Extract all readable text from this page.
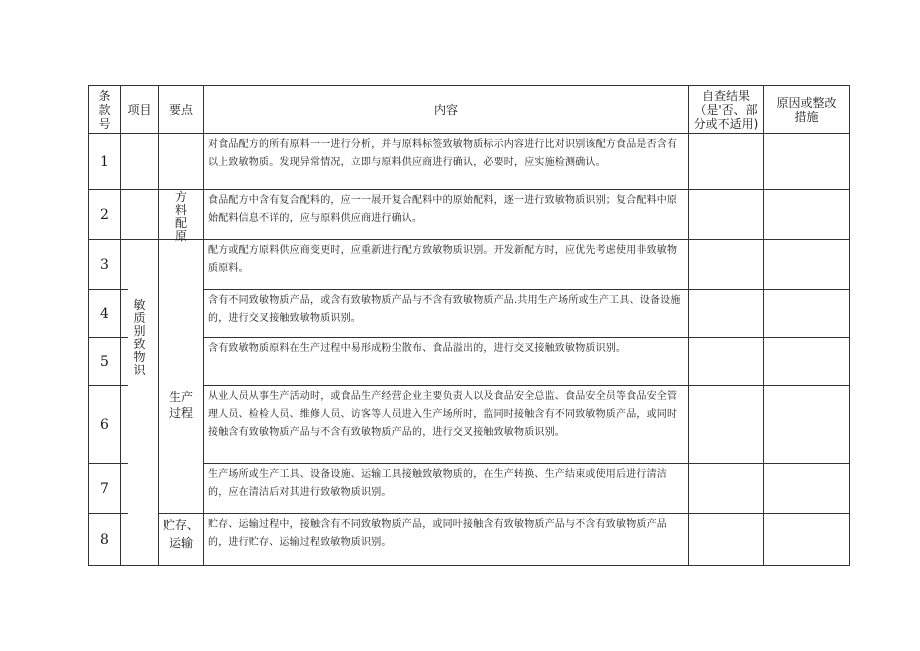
条款号
项目 要点	内容
自查结果（是'否、部分或不适用)
原因或整改措施
1
2
3
4
5
6
7
8
敏质别致物识
方料配原
生产过程
贮存、运输
对食品配方的所有原料一一进行分析，并与原料标签致敏物质标示内容进行比对识别该配方食品是否含有以上致敏物质。发现异常情况，立即与原料供应商进行确认，必要时，应实施检测确认。
食品配方中含有复合配料的，应一一展开复合配料中的原始配料，逐一进行致敏物质识别；复合配料中原始配料信息不详的，应与原料供应商进行确认。
配方或配方原料供应商变更时，应重新进行配方致敏物质识别。开发新配方时，应优先考虑使用非致敏物质原料。
含有不同致敏物质产品，或含有致敏物质产品与不含有致敏物质产品.共用生产场所或生产工具、设备设施的，进行交叉接触致敏物质识别。
含有致敏物质原料在生产过程中易形成粉尘散布、食品溢出的，进行交叉接触致敏物质识别。
从业人员从事生产活动时，或食品生产经营企业主要负责人以及食品安全总监、食品安全员等食品安全管理人员、检检人员、维修人员、访客等人员进入生产场所时，监同时接触含有不同致敏物质产品，或同时接触含有致敏物质产品与不含有致敏物质产品的，进行交叉接触致敏物质识别。
生产场所或生产工具、设备设施、运输工具接触致敏物质的，在生产转换、生产结束或使用后进行清洁的，应在清洁后对其进行致敏物质识别。
贮存、运输过程中，接触含有不同致敏物质产品，或同叶接触含有致敏物质产品与不含有致敏物质产品的，进行贮存、运输过程致敏物质识别。
